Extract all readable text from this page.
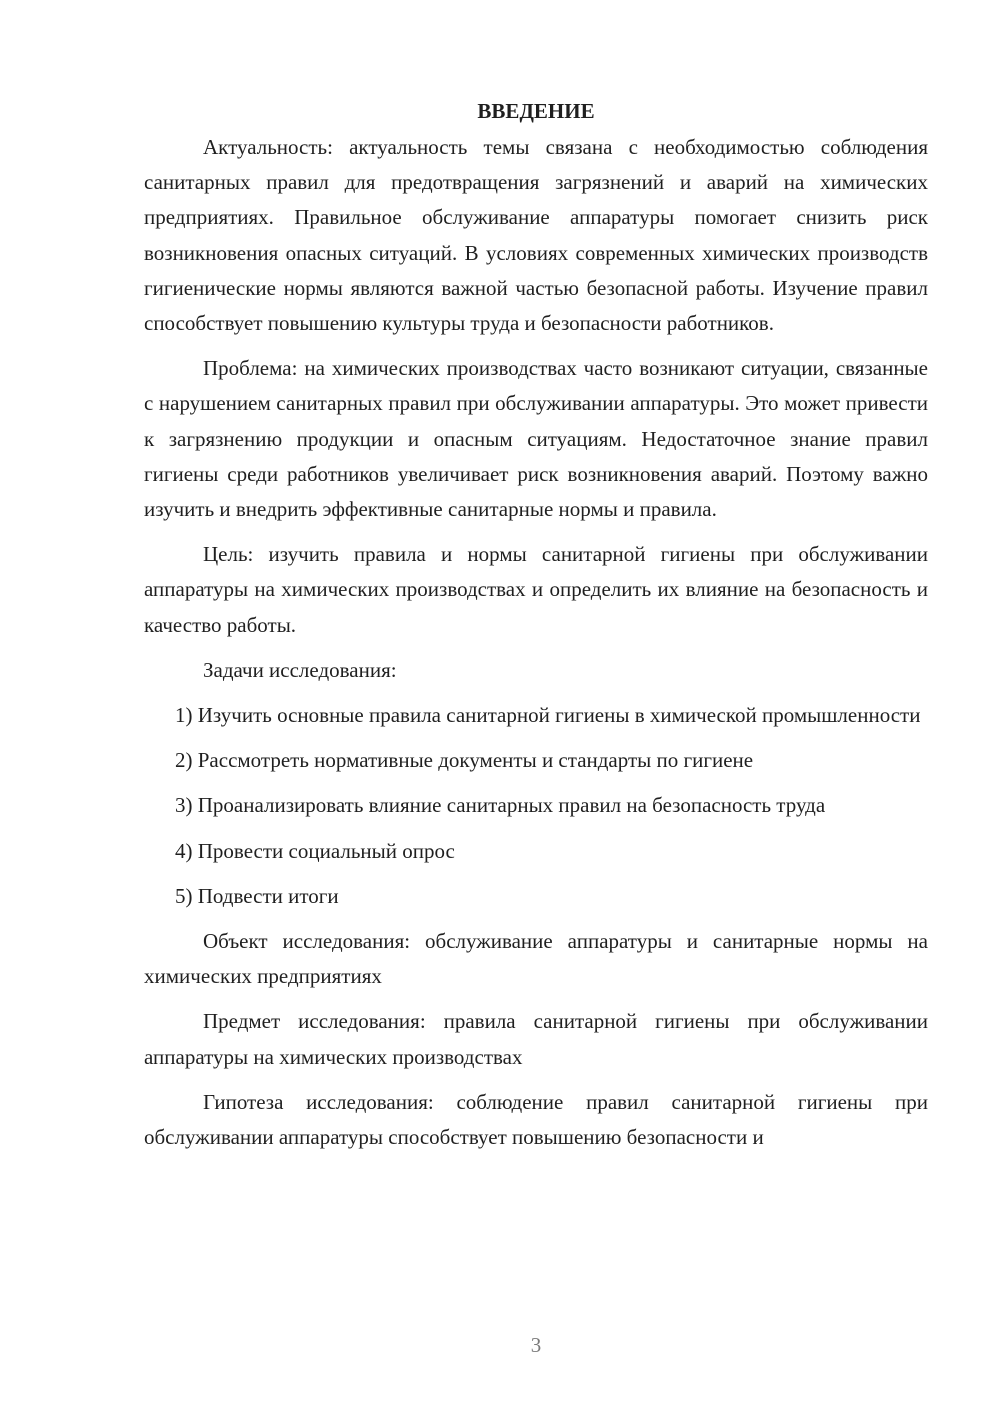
ВВЕДЕНИЕ

Актуальность: актуальность темы связана с необходимостью соблюдения санитарных правил для предотвращения загрязнений и аварий на химических предприятиях. Правильное обслуживание аппаратуры помогает снизить риск возникновения опасных ситуаций. В условиях современных химических производств гигиенические нормы являются важной частью безопасной работы. Изучение правил способствует повышению культуры труда и безопасности работников.

Проблема: на химических производствах часто возникают ситуации, связанные с нарушением санитарных правил при обслуживании аппаратуры. Это может привести к загрязнению продукции и опасным ситуациям. Недостаточное знание правил гигиены среди работников увеличивает риск возникновения аварий. Поэтому важно изучить и внедрить эффективные санитарные нормы и правила.

Цель: изучить правила и нормы санитарной гигиены при обслуживании аппаратуры на химических производствах и определить их влияние на безопасность и качество работы.

Задачи исследования:

1) Изучить основные правила санитарной гигиены в химической промышленности

2) Рассмотреть нормативные документы и стандарты по гигиене

3) Проанализировать влияние санитарных правил на безопасность труда

4) Провести социальный опрос

5) Подвести итоги

Объект исследования: обслуживание аппаратуры и санитарные нормы на химических предприятиях

Предмет исследования: правила санитарной гигиены при обслуживании аппаратуры на химических производствах

Гипотеза исследования: соблюдение правил санитарной гигиены при обслуживании аппаратуры способствует повышению безопасности и

3
